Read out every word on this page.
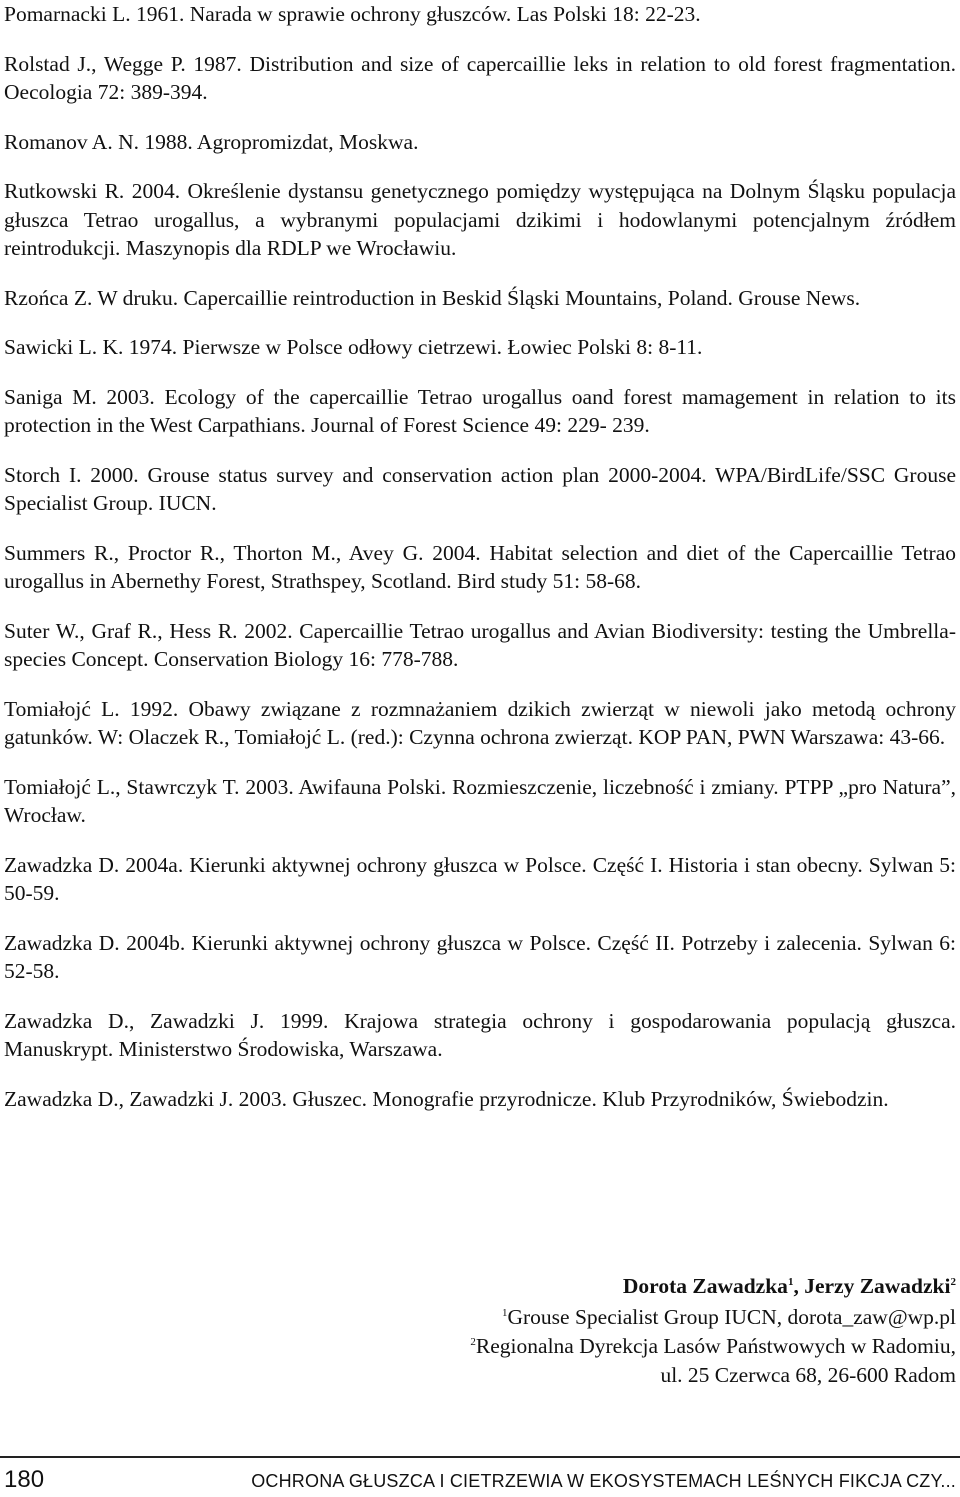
Pomarnacki L. 1961. Narada w sprawie ochrony głuszców. Las Polski 18: 22-23.

Rolstad J., Wegge P. 1987. Distribution and size of capercaillie leks in relation to old forest fragmentation. Oecologia 72: 389-394.

Romanov A. N. 1988. Agropromizdat, Moskwa.

Rutkowski R. 2004. Określenie dystansu genetycznego pomiędzy występująca na Dolnym Śląsku populacja głuszca Tetrao urogallus, a wybranymi populacjami dzikimi i hodowlanymi potencjalnym źródłem reintrodukcji. Maszynopis dla RDLP we Wrocławiu.

Rzońca Z. W druku. Capercaillie reintroduction in Beskid Śląski Mountains, Poland. Grouse News.

Sawicki L. K. 1974. Pierwsze w Polsce odłowy cietrzewi. Łowiec Polski 8: 8-11.

Saniga M. 2003. Ecology of the capercaillie Tetrao urogallus oand forest mamagement in relation to its protection in the West Carpathians. Journal of Forest Science 49: 229- 239.

Storch I. 2000. Grouse status survey and conservation action plan 2000-2004. WPA/BirdLife/SSC Grouse Specialist Group. IUCN.

Summers R., Proctor R., Thorton M., Avey G. 2004. Habitat selection and diet of the Capercaillie Tetrao urogallus in Abernethy Forest, Strathspey, Scotland. Bird study 51: 58-68.

Suter W., Graf R., Hess R. 2002. Capercaillie Tetrao urogallus and Avian Biodiversity: testing the Umbrella-species Concept. Conservation Biology 16: 778-788.

Tomiałojć L. 1992. Obawy związane z rozmnażaniem dzikich zwierząt w niewoli jako metodą ochrony gatunków. W: Olaczek R., Tomiałojć L. (red.): Czynna ochrona zwierząt. KOP PAN, PWN Warszawa: 43-66.

Tomiałojć L., Stawrczyk T. 2003. Awifauna Polski. Rozmieszczenie, liczebność i zmiany. PTPP „pro Natura”, Wrocław.

Zawadzka D. 2004a. Kierunki aktywnej ochrony głuszca w Polsce. Część I. Historia i stan obecny. Sylwan 5: 50-59.

Zawadzka D. 2004b. Kierunki aktywnej ochrony głuszca w Polsce. Część II. Potrzeby i zalecenia. Sylwan 6: 52-58.

Zawadzka D., Zawadzki J. 1999. Krajowa strategia ochrony i gospodarowania populacją głuszca. Manuskrypt. Ministerstwo Środowiska, Warszawa.

Zawadzka D., Zawadzki J. 2003. Głuszec. Monografie przyrodnicze. Klub Przyrodników, Świebodzin.

Dorota Zawadzka$^1$, Jerzy Zawadzki$^2$
$^1$Grouse Specialist Group IUCN, dorota_zaw@wp.pl
$^2$Regionalna Dyrekcja Lasów Państwowych w Radomiu,
ul. 25 Czerwca 68, 26-600 Radom
180	OCHRONA GŁUSZCA I CIETRZEWIA W EKOSYSTEMACH LEŚNYCH FIKCJA CZY...
